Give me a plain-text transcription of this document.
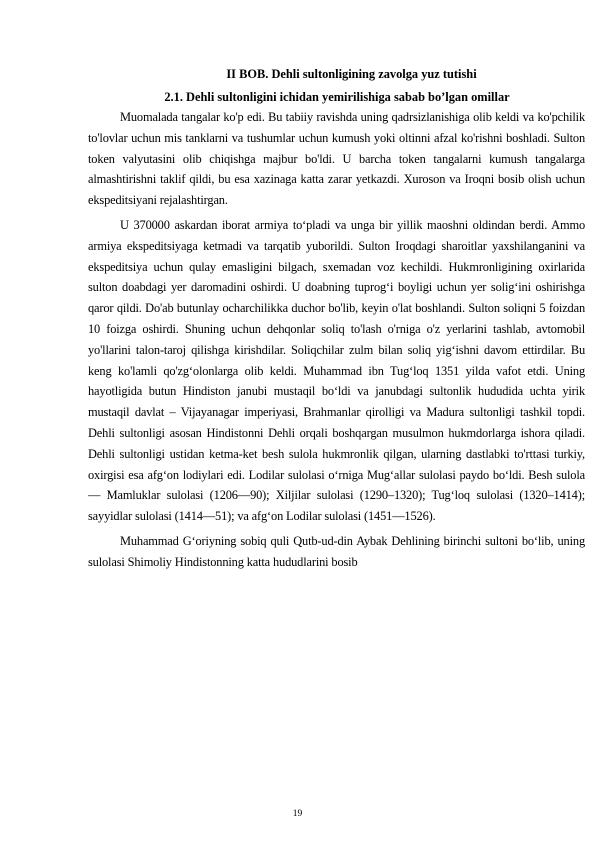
II BOB. Dehli sultonligining zavolga yuz tutishi
2.1. Dehli sultonligini ichidan yemirilishiga sabab bo’lgan omillar

Muomalada tangalar ko'p edi. Bu tabiiy ravishda uning qadrsizlanishiga olib keldi va ko'pchilik to'lovlar uchun mis tanklarni va tushumlar uchun kumush yoki oltinni afzal ko'rishni boshladi. Sulton token valyutasini olib chiqishga majbur bo'ldi. U barcha token tangalarni kumush tangalarga almashtirishni taklif qildi, bu esa xazinaga katta zarar yetkazdi. Xuroson va Iroqni bosib olish uchun ekspeditsiyani rejalashtirgan.

U 370000 askardan iborat armiya to‘pladi va unga bir yillik maoshni oldindan berdi. Ammo armiya ekspeditsiyaga ketmadi va tarqatib yuborildi. Sulton Iroqdagi sharoitlar yaxshilanganini va ekspeditsiya uchun qulay emasligini bilgach, sxemadan voz kechildi. Hukmronligining oxirlarida sulton doabdagi yer daromadini oshirdi. U doabning tuprog‘i boyligi uchun yer solig‘ini oshirishga qaror qildi. Do'ab butunlay ocharchilikka duchor bo'lib, keyin o'lat boshlandi. Sulton soliqni 5 foizdan 10 foizga oshirdi. Shuning uchun dehqonlar soliq to'lash o'rniga o'z yerlarini tashlab, avtomobil yo'llarini talon-taroj qilishga kirishdilar. Soliqchilar zulm bilan soliq yig‘ishni davom ettirdilar. Bu keng ko'lamli qo'zg‘olonlarga olib keldi. Muhammad ibn Tug‘loq 1351 yilda vafot etdi. Uning hayotligida butun Hindiston janubi mustaqil bo‘ldi va janubdagi sultonlik hududida uchta yirik mustaqil davlat – Vijayanagar imperiyasi, Brahmanlar qirolligi va Madura sultonligi tashkil topdi. Dehli sultonligi asosan Hindistonni Dehli orqali boshqargan musulmon hukmdorlarga ishora qiladi. Dehli sultonligi ustidan ketma-ket besh sulola hukmronlik qilgan, ularning dastlabki to'rttasi turkiy, oxirgisi esa afg‘on lodiylari edi. Lodilar sulolasi o‘rniga Mug‘allar sulolasi paydo bo‘ldi. Besh sulola — Mamluklar sulolasi (1206—90); Xiljilar sulolasi (1290–1320); Tug‘loq sulolasi (1320–1414); sayyidlar sulolasi (1414—51); va afg‘on Lodilar sulolasi (1451—1526).

Muhammad G‘oriyning sobiq quli Qutb-ud-din Aybak Dehlining birinchi sultoni bo‘lib, uning sulolasi Shimoliy Hindistonning katta hududlarini bosib

19
